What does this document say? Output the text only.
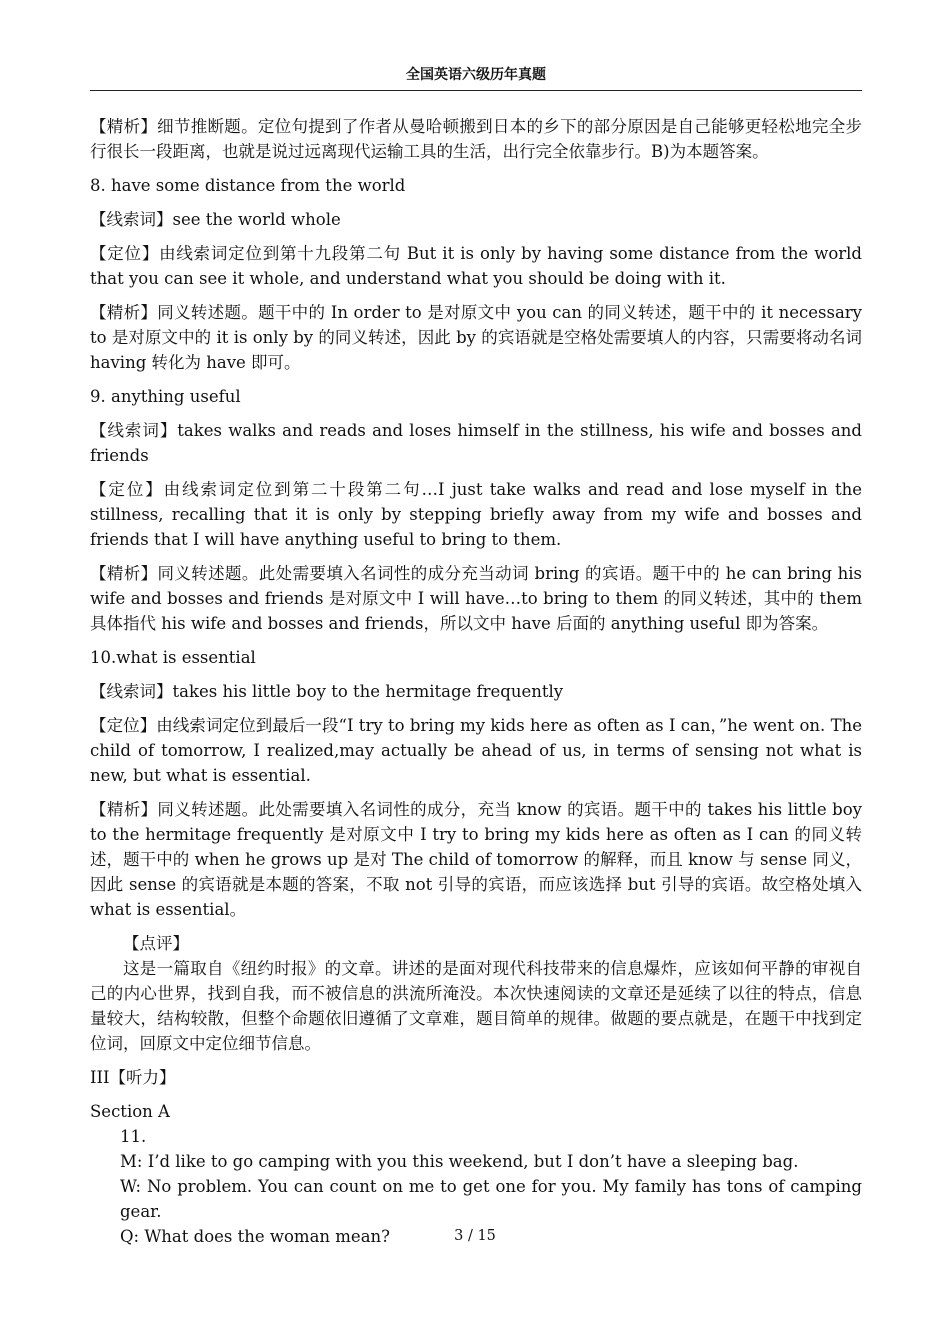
全国英语六级历年真题

【精析】细节推断题。定位句提到了作者从曼哈顿搬到日本的乡下的部分原因是自己能够更轻松地完全步行很长一段距离，也就是说过远离现代运输工具的生活，出行完全依靠步行。B)为本题答案。

8. have some distance from the world

【线索词】see the world whole

【定位】由线索词定位到第十九段第二句 But it is only by having some distance from the world that you can see it whole, and understand what you should be doing with it.

【精析】同义转述题。题干中的 In order to 是对原文中 you can 的同义转述，题干中的 it necessary to 是对原文中的 it is only by 的同义转述，因此 by 的宾语就是空格处需要填人的内容，只需要将动名词 having 转化为 have 即可。

9. anything useful

【线索词】takes walks and reads and loses himself in the stillness, his wife and bosses and friends

【定位】由线索词定位到第二十段第二句…I just take walks and read and lose myself in the stillness, recalling that it is only by stepping briefly away from my wife and bosses and friends that I will have anything useful to bring to them.

【精析】同义转述题。此处需要填入名词性的成分充当动词 bring 的宾语。题干中的 he can bring his wife and bosses and friends 是对原文中 I will have…to bring to them 的同义转述，其中的 them 具体指代 his wife and bosses and friends，所以文中 have 后面的 anything useful 即为答案。

10.what is essential

【线索词】takes his little boy to the hermitage frequently

【定位】由线索词定位到最后一段“I try to bring my kids here as often as I can，”he went on. The child of tomorrow, I realized,may actually be ahead of us, in terms of sensing not what is new, but what is essential.

【精析】同义转述题。此处需要填入名词性的成分，充当 know 的宾语。题干中的 takes his little boy to the hermitage frequently 是对原文中 I try to bring my kids here as often as I can 的同义转述，题干中的 when he grows up 是对 The child of tomorrow 的解释，而且 know 与 sense 同义，因此 sense 的宾语就是本题的答案，不取 not 引导的宾语，而应该选择 but 引导的宾语。故空格处填入 what is essential。

【点评】

这是一篇取自《纽约时报》的文章。讲述的是面对现代科技带来的信息爆炸，应该如何平静的审视自己的内心世界，找到自我，而不被信息的洪流所淹没。本次快速阅读的文章还是延续了以往的特点，信息量较大，结构较散，但整个命题依旧遵循了文章难，题目简单的规律。做题的要点就是，在题干中找到定位词，回原文中定位细节信息。

III【听力】

Section A

11.

M: I’d like to go camping with you this weekend, but I don’t have a sleeping bag.

W: No problem. You can count on me to get one for you. My family has tons of camping gear.

Q: What does the woman mean?	3 / 15
